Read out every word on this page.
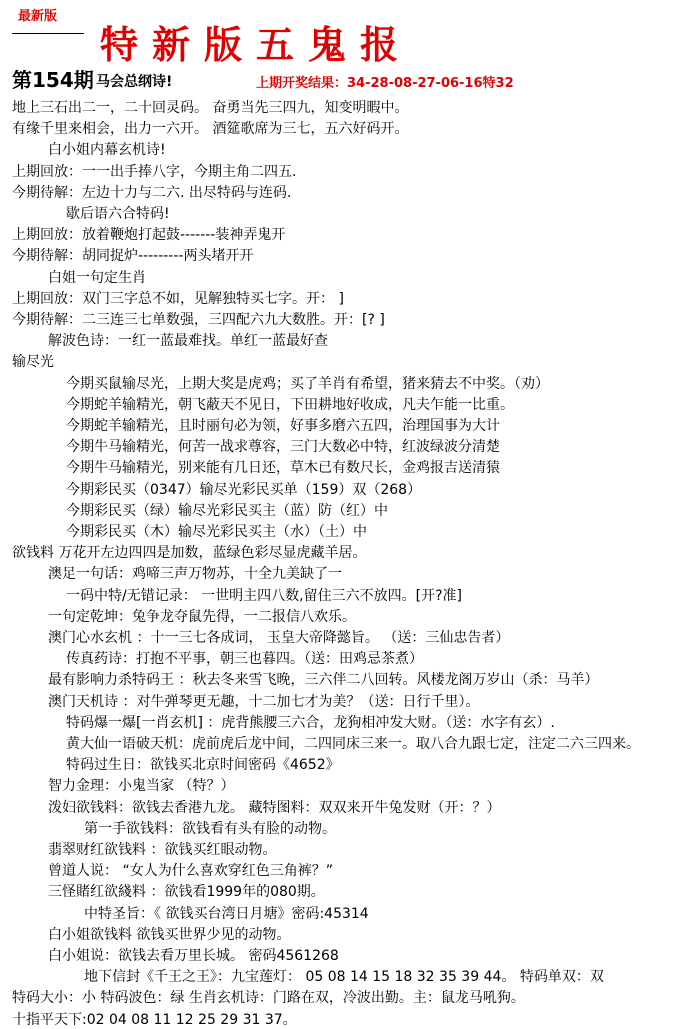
最新版
特新版五鬼报
第154期 马会总纲诗!	上期开奖结果：34-28-08-27-06-16特32
地上三石出二一，二十回灵码。 奋勇当先三四九，知变明暇中。
有缘千里来相会，出力一六开。 酒筵歌席为三七，五六好码开。
白小姐内幕玄机诗!
上期回放：一一出手捧八字，今期主角二四五.
今期待解：左边十力与二六. 出尽特码与连码.
歇后语六合特码!
上期回放：放着鞭炮打起鼓-------装神弄鬼开
今期待解：胡同捉炉---------两头堵开开
白姐一句定生肖
上期回放：双门三字总不如，见解独特买七字。开： ]
今期待解：二三连三七单数强，三四配六九大数胜。开：[? ]
解波色诗：一红一蓝最难找。单红一蓝最好查
输尽光
今期买鼠输尽光，上期大奖是虎鸡；买了羊肖有希望，猪来猜去不中奖。（劝）
今期蛇羊输精光，朝飞蔽天不见日，下田耕地好收成，凡夫乍能一比重。
今期蛇羊输精光，且时丽句必为领，好事多磨六五四，治理国事为大计
今期牛马输精光，何苦一战求尊容，三门大数必中特，红波绿波分清楚
今期牛马输精光，别来能有几日还，草木已有数尺长，金鸡报吉送清猿
今期彩民买（0347）输尽光彩民买单（159）双（268）
今期彩民买（绿）输尽光彩民买主（蓝）防（红）中
今期彩民买（木）输尽光彩民买主（水）（土）中
欲钱料 万花开左边四四是加数，蓝绿色彩尽显虎藏羊居。
澳足一句话：鸡啼三声万物苏，十全九美缺了一
一码中特/无错记录： 一世明主四八数,留住三六不放四。[开?准]
一句定乾坤：兔争龙夺鼠先得，一二报信八欢乐。
澳门心水玄机 ：十一三七各成词， 玉皇大帝降懿旨。 （送：三仙忠告者）
传真药诗：打抱不平事，朝三也暮四。（送：田鸡忌茶煮）
最有影响力杀特码王 ：秋去冬来雪飞晚，三六伴二八回转。风楼龙阁万岁山（杀：马羊）
澳门天机诗 ：对牛弹琴更无趣，十二加七才为美？（送：日行千里）。
特码爆一爆[一肖玄机] ：虎背熊腰三六合，龙狗相冲发大财。（送：水字有玄）.
黄大仙一语破天机：虎前虎后龙中间，二四同床三来一。取八合九跟七定，注定二六三四来。
特码过生日：欲钱买北京时间密码《4652》
智力金理：小鬼当家 （特？）
泼妇欲钱料：欲钱去香港九龙。 藏特图料：双双来开牛兔发财（开：？）
第一手欲钱料：欲钱看有头有脸的动物。
翡翠财红欲钱料 ：欲钱买红眼动物。
曾道人说： “女人为什么喜欢穿红色三角裤？”
三怪賭红欲綫料 ：欲钱看1999年的080期。
中特圣旨：《 欲钱买台湾日月塘》密码:45314
白小姐欲钱料 欲钱买世界少见的动物。
白小姐说：欲钱去看万里长城。 密码4561268
地下信封《千王之王》：九宝莲灯： 05 08 14 15 18 32 35 39 44。 特码单双：双
特码大小：小 特码波色：绿 生肖玄机诗：门路在双，冷波出勤。主：鼠龙马吼狗。
十指平天下:02 04 08 11 12 25 29 31 37。
